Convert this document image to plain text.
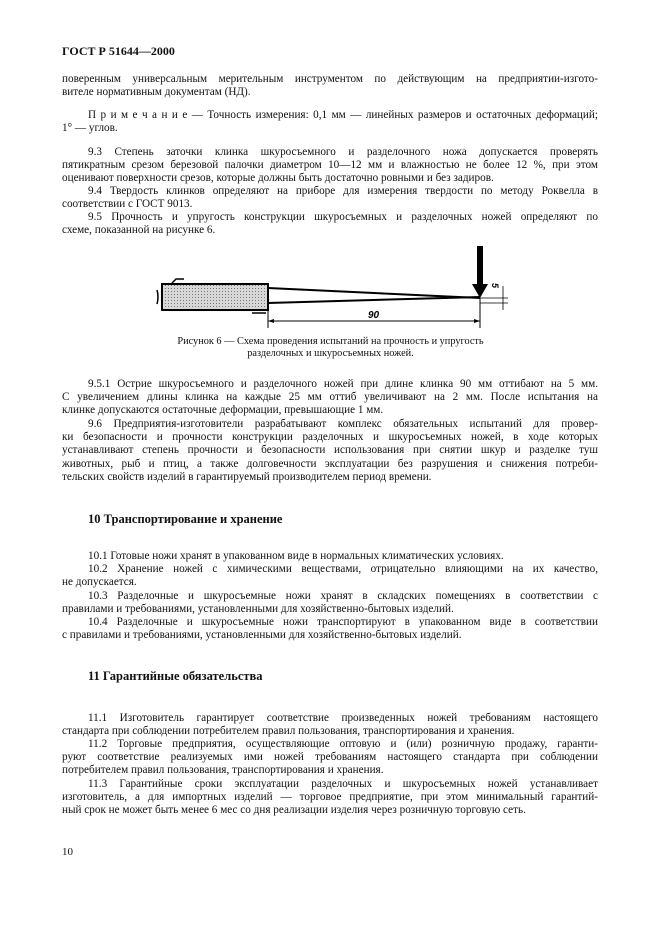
ГОСТ Р 51644—2000
поверенным универсальным мерительным инструментом по действующим на предприятии-изгото-
вителе нормативным документам (НД).
П р и м е ч а н и е — Точность измерения: 0,1 мм — линейных размеров и остаточных деформаций;
1° — углов.
9.3 Степень заточки клинка шкуросъемного и разделочного ножа допускается проверять
пятикратным срезом березовой палочки диаметром 10—12 мм и влажностью не более 12 %, при этом
оценивают поверхности срезов, которые должны быть достаточно ровными и без задиров.
9.4 Твердость клинков определяют на приборе для измерения твердости по методу Роквелла в
соответствии с ГОСТ 9013.
9.5 Прочность и упругость конструкции шкуросъемных и разделочных ножей определяют по
схеме, показанной на рисунке 6.
9.5.1 Острие шкуросъемного и разделочного ножей при длине клинка 90 мм оттибают на 5 мм.
С увеличением длины клинка на каждые 25 мм оттиб увеличивают на 2 мм. После испытания на
клинке допускаются остаточные деформации, превышающие 1 мм.
9.6 Предприятия-изготовители разрабатывают комплекс обязательных испытаний для провер-
ки безопасности и прочности конструкции разделочных и шкуросъемных ножей, в ходе которых
устанавливают степень прочности и безопасности использования при снятии шкур и разделке туш
животных, рыб и птиц, а также долговечности эксплуатации без разрушения и снижения потреби-
тельских свойств изделий в гарантируемый производителем период времени.
10.1 Готовые ножи хранят в упакованном виде в нормальных климатических условиях.
10.2 Хранение ножей с химическими веществами, отрицательно влияющими на их качество,
не допускается.
10.3 Разделочные и шкуросъемные ножи хранят в складских помещениях в соответствии с
правилами и требованиями, установленными для хозяйственно-бытовых изделий.
10.4 Разделочные и шкуросъемные ножи транспортируют в упакованном виде в соответствии
с правилами и требованиями, установленными для хозяйственно-бытовых изделий.
11.1 Изготовитель гарантирует соответствие произведенных ножей требованиям настоящего
стандарта при соблюдении потребителем правил пользования, транспортирования и хранения.
11.2 Торговые предприятия, осуществляющие оптовую и (или) розничную продажу, гаранти-
руют соответствие реализуемых ими ножей требованиям настоящего стандарта при соблюдении
потребителем правил пользования, транспортирования и хранения.
11.3 Гарантийные сроки эксплуатации разделочных и шкуросъемных ножей устанавливает
изготовитель, а для импортных изделий — торговое предприятие, при этом минимальный гарантий-
ный срок не может быть менее 6 мес со дня реализации изделия через розничную торговую сеть.
10 Транспортирование и хранение
11 Гарантийные обязательства
90
5
Рисунок 6 — Схема проведения испытаний на прочность и упругость
разделочных и шкуросъемных ножей.
10
